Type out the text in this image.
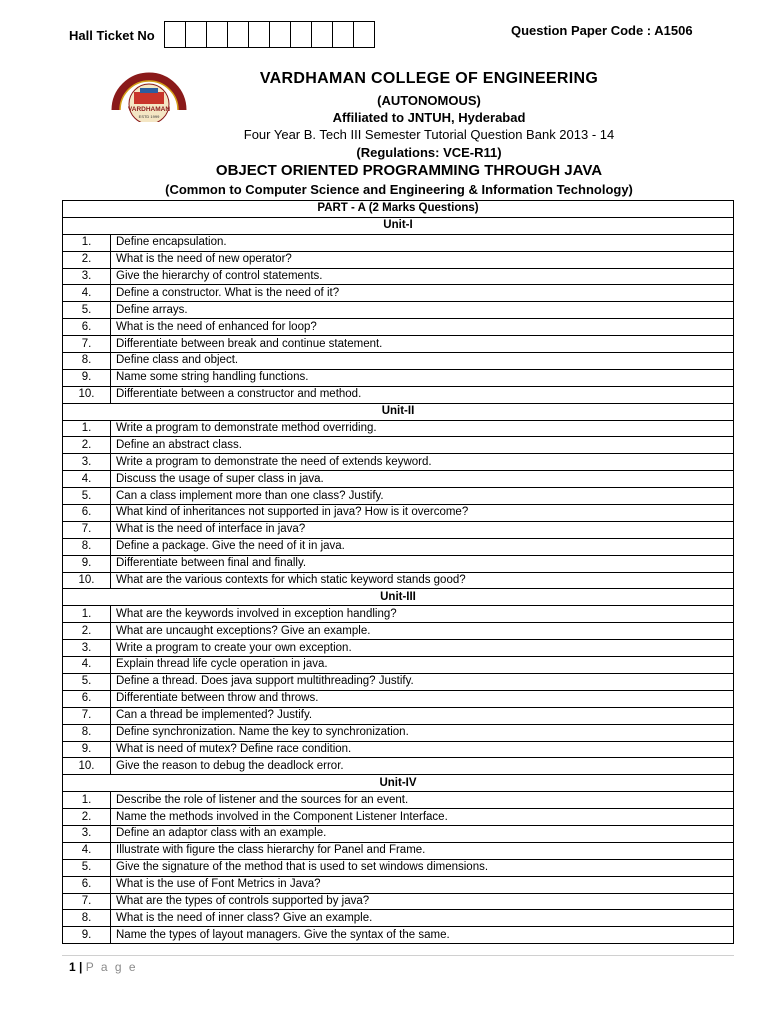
Hall Ticket No	Question Paper Code : A1506
VARDHAMAN
ESTD 1999
VARDHAMAN COLLEGE OF ENGINEERING
(AUTONOMOUS)
Affiliated to JNTUH, Hyderabad
Four Year B. Tech III Semester Tutorial Question Bank 2013 - 14
(Regulations: VCE-R11)
OBJECT ORIENTED PROGRAMMING THROUGH JAVA
(Common to Computer Science and Engineering & Information Technology)
PART - A (2 Marks Questions)	
Unit-I	
1.	Define encapsulation.
2.	What is the need of new operator?
3.	Give the hierarchy of control statements.
4.	Define a constructor. What is the need of it?
5.	Define arrays.
6.	What is the need of enhanced for loop?
7.	Differentiate between break and continue statement.
8.	Define class and object.
9.	Name some string handling functions.
10.	Differentiate between a constructor and method.
Unit-II	
1.	Write a program to demonstrate method overriding.
2.	Define an abstract class.
3.	Write a program to demonstrate the need of extends keyword.
4.	Discuss the usage of super class in java.
5.	Can a class implement more than one class? Justify.
6.	What kind of inheritances not supported in java? How is it overcome?
7.	What is the need of interface in java?
8.	Define a package. Give the need of it in java.
9.	Differentiate between final and finally.
10.	What are the various contexts for which static keyword stands good?
Unit-III	
1.	What are the keywords involved in exception handling?
2.	What are uncaught exceptions? Give an example.
3.	Write a program to create your own exception.
4.	Explain thread life cycle operation in java.
5.	Define a thread. Does java support multithreading? Justify.
6.	Differentiate between throw and throws.
7.	Can a thread be implemented? Justify.
8.	Define synchronization. Name the key to synchronization.
9.	What is need of mutex? Define race condition.
10.	Give the reason to debug the deadlock error.
Unit-IV	
1.	Describe the role of listener and the sources for an event.
2.	Name the methods involved in the Component Listener Interface.
3.	Define an adaptor class with an example.
4.	Illustrate with figure the class hierarchy for Panel and Frame.
5.	Give the signature of the method that is used to set windows dimensions.
6.	What is the use of Font Metrics in Java?
7.	What are the types of controls supported by java?
8.	What is the need of inner class? Give an example.
9.	Name the types of layout managers. Give the syntax of the same.
1 | P a g e
